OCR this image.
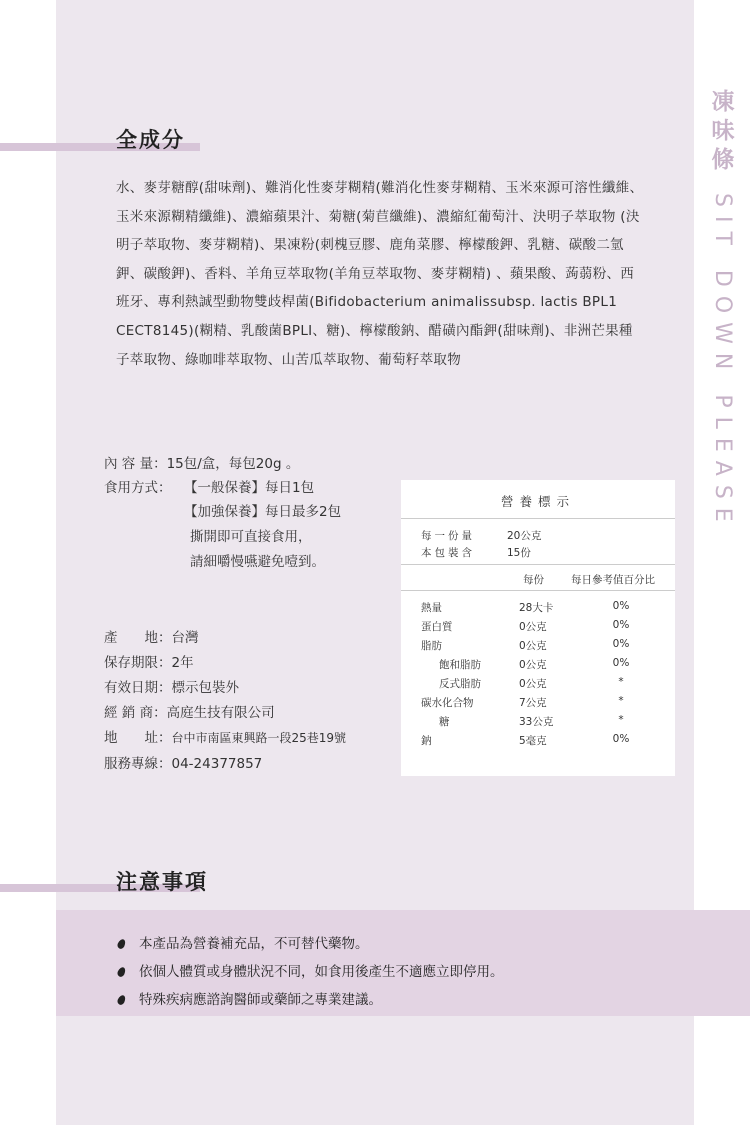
凍
味
條
SIT DOWN PLEASE
全成分
水、麥芽糖醇(甜味劑)、難消化性麥芽糊精(難消化性麥芽糊精、玉米來源可溶性纖維、玉米來源糊精纖維)、濃縮蘋果汁、菊糖(菊苣纖維)、濃縮紅葡萄汁、決明子萃取物 (決明子萃取物、麥芽糊精)、果凍粉(刺槐豆膠、鹿角菜膠、檸檬酸鉀、乳糖、碳酸二氫鉀、碳酸鉀)、香料、羊角豆萃取物(羊角豆萃取物、麥芽糊精) 、蘋果酸、蒟蒻粉、西班牙、專利熱誠型動物雙歧桿菌(Bifidobacterium animalissubsp. lactis BPL1 CECT8145)(糊精、乳酸菌BPLI、糖)、檸檬酸鈉、醋磺內酯鉀(甜味劑)、非洲芒果種子萃取物、綠咖啡萃取物、山苦瓜萃取物、葡萄籽萃取物
內 容 量：15包/盒，每包20g 。
食用方式： 【一般保養】每日1包
【加強保養】每日最多2包
撕開即可直接食用，
請細嚼慢嚥避免噎到。
產　　地：台灣
保存期限：2年
有效日期：標示包裝外
經 銷 商：高庭生技有限公司
地　　址：台中市南區東興路一段25巷19號
服務專線：04-24377857
營養標示
每一份量	20公克
本包裝含	15份
每份	每日參考值百分比
熱量	28大卡	0%
蛋白質	0公克	0%
脂肪	0公克	0%
飽和脂肪	0公克	0%
反式脂肪	0公克	*
碳水化合物	7公克	*
糖	33公克	*
鈉	5毫克	0%
注意事項
本產品為營養補充品，不可替代藥物。
依個人體質或身體狀況不同，如食用後產生不適應立即停用。
特殊疾病應諮詢醫師或藥師之專業建議。
